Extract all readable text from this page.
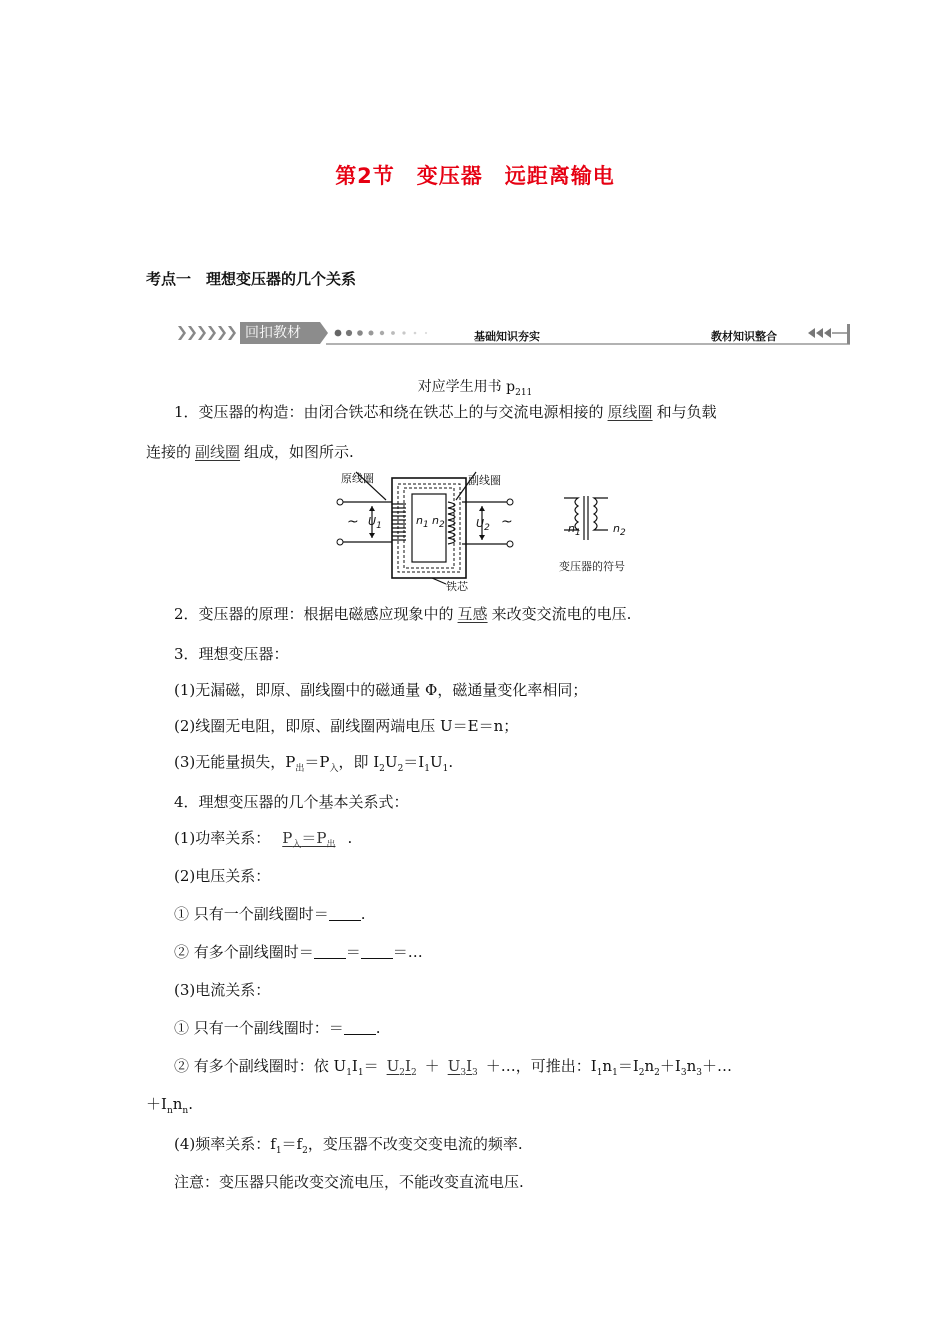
第2节　变压器　远距离输电
考点一　理想变压器的几个关系
回扣教材	基础知识夯实	教材知识整合
对应学生用书 $p_{211}$
1．变压器的构造：由闭合铁芯和绕在铁芯上的与交流电源相接的 原线圈 和与负载
连接的 副线圈 组成，如图所示.
原线圈	副线圈
铁芯
变压器的符号
~	~
$U_1$	$U_2$
$n_1$ $n_2$	$n_1$	$n_2$
2．变压器的原理：根据电磁感应现象中的 互感 来改变交流电的电压.
3．理想变压器：
(1)无漏磁，即原、副线圈中的磁通量 Φ，磁通量变化率相同；
(2)线圈无电阻，即原、副线圈两端电压 U＝E＝n；
(3)无能量损失，$P_出=P_入$，即 $I_2U_2=I_1U_1$.
4．理想变压器的几个基本关系式：
(1)功率关系： $P_入=P_出$ .
(2)电压关系：
① 只有一个副线圈时＝ .
② 有多个副线圈时＝ ＝ ＝…
(3)电流关系：
① 只有一个副线圈时：＝ .
② 有多个副线圈时：依 $U_1I_1= U_2I_2 + U_3I_3$ ＋…，可推出：$I_1n_1=I_2n_2+I_3n_3+\dots$
$+I_nn_n$.
(4)频率关系：$f_1=f_2$，变压器不改变交变电流的频率.
注意：变压器只能改变交流电压，不能改变直流电压.
